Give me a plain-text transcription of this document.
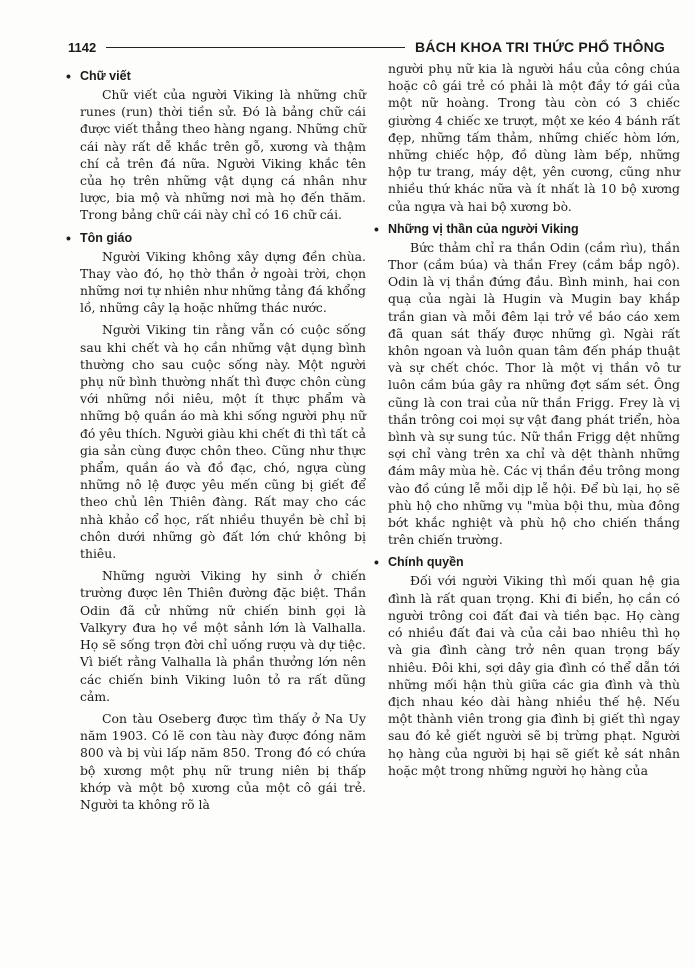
1142	BÁCH KHOA TRI THỨC PHỔ THÔNG
• Chữ viết

Chữ viết của người Viking là những chữ runes (run) thời tiền sử. Đó là bảng chữ cái được viết thẳng theo hàng ngang. Những chữ cái này rất dễ khắc trên gỗ, xương và thậm chí cả trên đá nữa. Người Viking khắc tên của họ trên những vật dụng cá nhân như lược, bia mộ và những nơi mà họ đến thăm. Trong bảng chữ cái này chỉ có 16 chữ cái.

• Tôn giáo

Người Viking không xây dựng đền chùa. Thay vào đó, họ thờ thần ở ngoài trời, chọn những nơi tự nhiên như những tảng đá khổng lồ, những cây lạ hoặc những thác nước.

Người Viking tin rằng vẫn có cuộc sống sau khi chết và họ cần những vật dụng bình thường cho sau cuộc sống này. Một người phụ nữ bình thường nhất thì được chôn cùng với những nồi niêu, một ít thực phẩm và những bộ quần áo mà khi sống người phụ nữ đó yêu thích. Người giàu khi chết đi thì tất cả gia sản cùng được chôn theo. Cũng như thực phẩm, quần áo và đồ đạc, chó, ngựa cùng những nô lệ được yêu mến cũng bị giết để theo chủ lên Thiên đàng. Rất may cho các nhà khảo cổ học, rất nhiều thuyền bè chỉ bị chôn dưới những gò đất lớn chứ không bị thiêu.

Những người Viking hy sinh ở chiến trường được lên Thiên đường đặc biệt. Thần Odin đã cử những nữ chiến binh gọi là Valkyry đưa họ về một sảnh lớn là Valhalla. Họ sẽ sống trọn đời chỉ uống rượu và dự tiệc. Vì biết rằng Valhalla là phần thưởng lớn nên các chiến binh Viking luôn tỏ ra rất dũng cảm.

Con tàu Oseberg được tìm thấy ở Na Uy năm 1903. Có lẽ con tàu này được đóng năm 800 và bị vùi lấp năm 850. Trong đó có chứa bộ xương một phụ nữ trung niên bị thấp khớp và một bộ xương của một cô gái trẻ. Người ta không rõ là

người phụ nữ kia là người hầu của công chúa hoặc cô gái trẻ có phải là một đầy tớ gái của một nữ hoàng. Trong tàu còn có 3 chiếc giường 4 chiếc xe trượt, một xe kéo 4 bánh rất đẹp, những tấm thảm, những chiếc hòm lớn, những chiếc hộp, đồ dùng làm bếp, những hộp tư trang, máy dệt, yên cương, cũng như nhiều thứ khác nữa và ít nhất là 10 bộ xương của ngựa và hai bộ xương bò.

• Những vị thần của người Viking

Bức thảm chỉ ra thần Odin (cầm rìu), thần Thor (cầm búa) và thần Frey (cầm bắp ngô). Odin là vị thần đứng đầu. Bình minh, hai con quạ của ngài là Hugin và Mugin bay khắp trần gian và mỗi đêm lại trở về báo cáo xem đã quan sát thấy được những gì. Ngài rất khôn ngoan và luôn quan tâm đến pháp thuật và sự chết chóc. Thor là một vị thần vô tư luôn cầm búa gây ra những đợt sấm sét. Ông cũng là con trai của nữ thần Frigg. Frey là vị thần trông coi mọi sự vật đang phát triển, hòa bình và sự sung túc. Nữ thần Frigg dệt những sợi chỉ vàng trên xa chỉ và dệt thành những đám mây mùa hè. Các vị thần đều trông mong vào đồ cúng lễ mỗi dịp lễ hội. Để bù lại, họ sẽ phù hộ cho những vụ "mùa bội thu, mùa đông bớt khắc nghiệt và phù hộ cho chiến thắng trên chiến trường.

• Chính quyền

Đối với người Viking thì mối quan hệ gia đình là rất quan trọng. Khi đi biển, họ cần có người trông coi đất đai và tiền bạc. Họ càng có nhiều đất đai và của cải bao nhiêu thì họ và gia đình càng trở nên quan trọng bấy nhiêu. Đôi khi, sợi dây gia đình có thể dẫn tới những mối hận thù giữa các gia đình và thù địch nhau kéo dài hàng nhiều thế hệ. Nếu một thành viên trong gia đình bị giết thì ngay sau đó kẻ giết người sẽ bị trừng phạt. Người họ hàng của người bị hại sẽ giết kẻ sát nhân hoặc một trong những người họ hàng của
